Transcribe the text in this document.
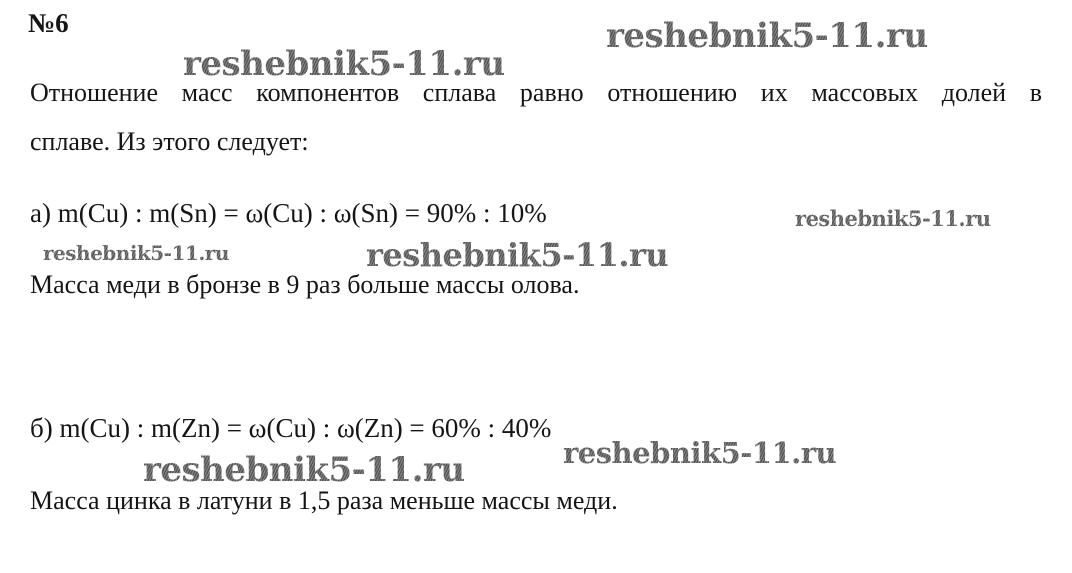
№6	reshebnik5-11.ru
reshebnik5-11.ru
Отношение масс компонентов сплава равно отношению их массовых долей в
сплаве. Из этого следует:
а) m(Cu) : m(Sn) = ω(Cu) : ω(Sn) = 90% : 10%	reshebnik5-11.ru
reshebnik5-11.ru	reshebnik5-11.ru
Масса меди в бронзе в 9 раз больше массы олова.
б) m(Cu) : m(Zn) = ω(Cu) : ω(Zn) = 60% : 40%
reshebnik5-11.ru
reshebnik5-11.ru
Масса цинка в латуни в 1,5 раза меньше массы меди.
